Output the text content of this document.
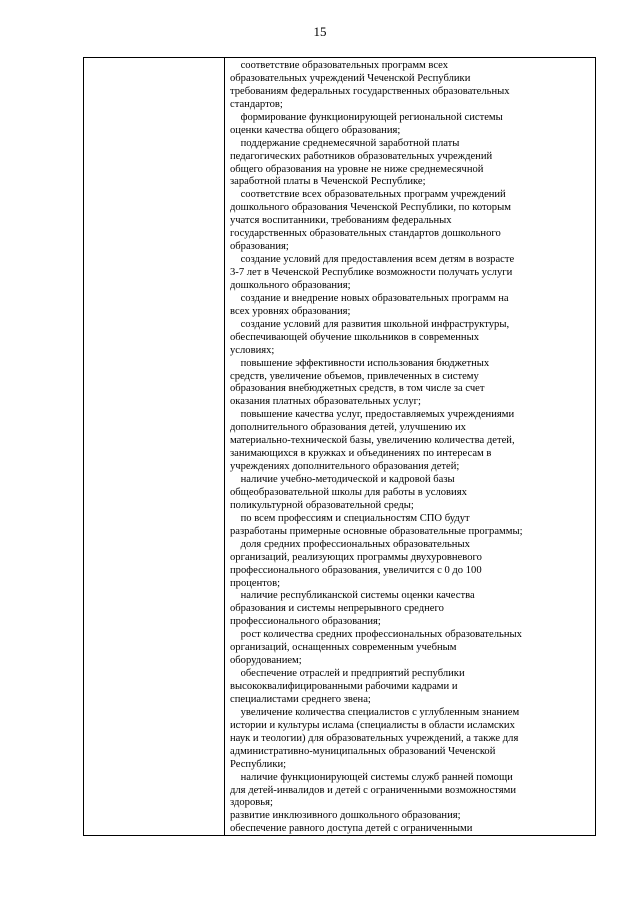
15
соответствие образовательных программ всех
образовательных учреждений Чеченской Республики
требованиям федеральных государственных образовательных
стандартов;
формирование функционирующей региональной системы
оценки качества общего образования;
поддержание среднемесячной заработной платы
педагогических работников образовательных учреждений
общего образования на уровне не ниже среднемесячной
заработной платы в Чеченской Республике;
соответствие всех образовательных программ учреждений
дошкольного образования Чеченской Республики, по которым
учатся воспитанники, требованиям федеральных
государственных образовательных стандартов дошкольного
образования;
создание условий для предоставления всем детям в возрасте
3-7 лет в Чеченской Республике возможности получать услуги
дошкольного образования;
создание и внедрение новых образовательных программ на
всех уровнях образования;
создание условий для развития школьной инфраструктуры,
обеспечивающей обучение школьников в современных
условиях;
повышение эффективности использования бюджетных
средств, увеличение объемов, привлеченных в систему
образования внебюджетных средств, в том числе за счет
оказания платных образовательных услуг;
повышение качества услуг, предоставляемых учреждениями
дополнительного образования детей, улучшению их
материально-технической базы, увеличению количества детей,
занимающихся в кружках и объединениях по интересам в
учреждениях дополнительного образования детей;
наличие учебно-методической и кадровой базы
общеобразовательной школы для работы в условиях
поликультурной образовательной среды;
по всем профессиям и специальностям СПО будут
разработаны примерные основные образовательные программы;
доля средних профессиональных образовательных
организаций, реализующих программы двухуровневого
профессионального образования, увеличится с 0 до 100
процентов;
наличие республиканской системы оценки качества
образования и системы непрерывного среднего
профессионального образования;
рост количества средних профессиональных образовательных
организаций, оснащенных современным учебным
оборудованием;
обеспечение отраслей и предприятий республики
высококвалифицированными рабочими кадрами и
специалистами среднего звена;
увеличение количества специалистов с углубленным знанием
истории и культуры ислама (специалисты в области исламских
наук и теологии) для образовательных учреждений, а также для
административно-муниципальных образований Чеченской
Республики;
наличие функционирующей системы служб ранней помощи
для детей-инвалидов и детей с ограниченными возможностями
здоровья;
развитие инклюзивного дошкольного образования;
обеспечение равного доступа детей с ограниченными
